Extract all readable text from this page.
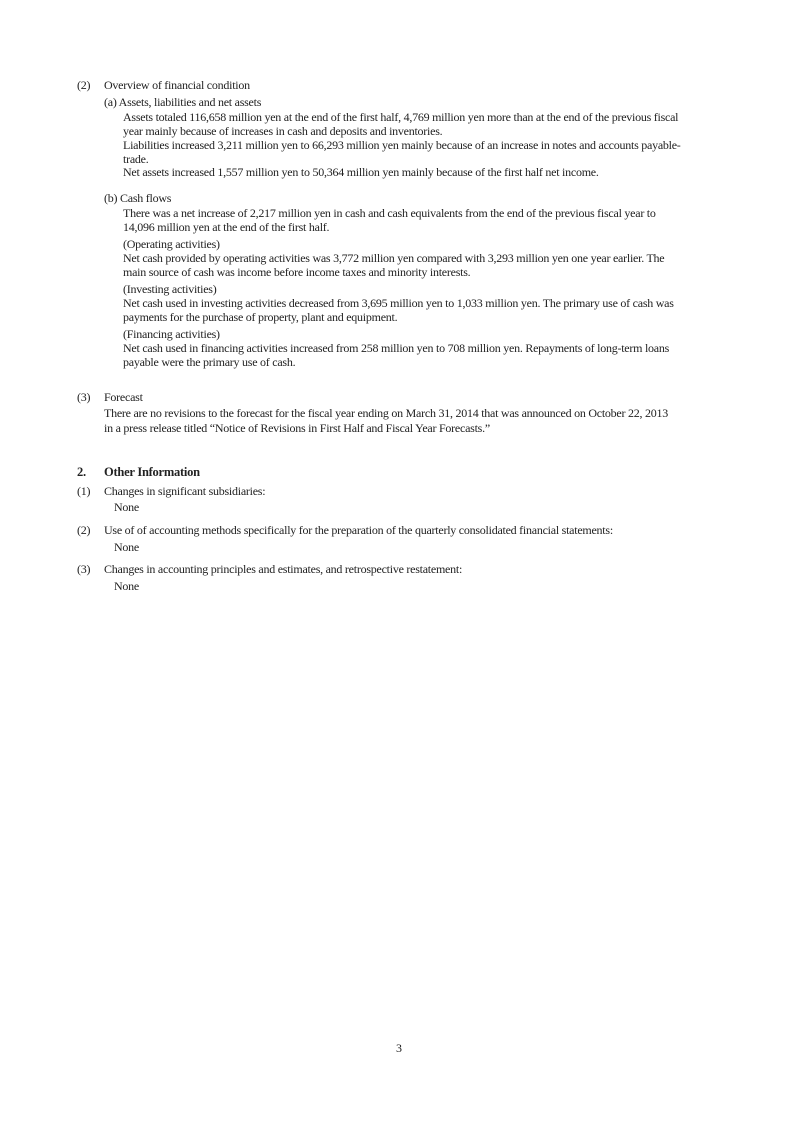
(2) Overview of financial condition
(a) Assets, liabilities and net assets
Assets totaled 116,658 million yen at the end of the first half, 4,769 million yen more than at the end of the previous fiscal
year mainly because of increases in cash and deposits and inventories.
Liabilities increased 3,211 million yen to 66,293 million yen mainly because of an increase in notes and accounts payable-
trade.
Net assets increased 1,557 million yen to 50,364 million yen mainly because of the first half net income.
(b) Cash flows
There was a net increase of 2,217 million yen in cash and cash equivalents from the end of the previous fiscal year to
14,096 million yen at the end of the first half.
(Operating activities)
Net cash provided by operating activities was 3,772 million yen compared with 3,293 million yen one year earlier. The
main source of cash was income before income taxes and minority interests.
(Investing activities)
Net cash used in investing activities decreased from 3,695 million yen to 1,033 million yen. The primary use of cash was
payments for the purchase of property, plant and equipment.
(Financing activities)
Net cash used in financing activities increased from 258 million yen to 708 million yen. Repayments of long-term loans
payable were the primary use of cash.
(3) Forecast
There are no revisions to the forecast for the fiscal year ending on March 31, 2014 that was announced on October 22, 2013
in a press release titled “Notice of Revisions in First Half and Fiscal Year Forecasts.”
2. Other Information
(1) Changes in significant subsidiaries:
None
(2) Use of of accounting methods specifically for the preparation of the quarterly consolidated financial statements:
None
(3) Changes in accounting principles and estimates, and retrospective restatement:
None
3
